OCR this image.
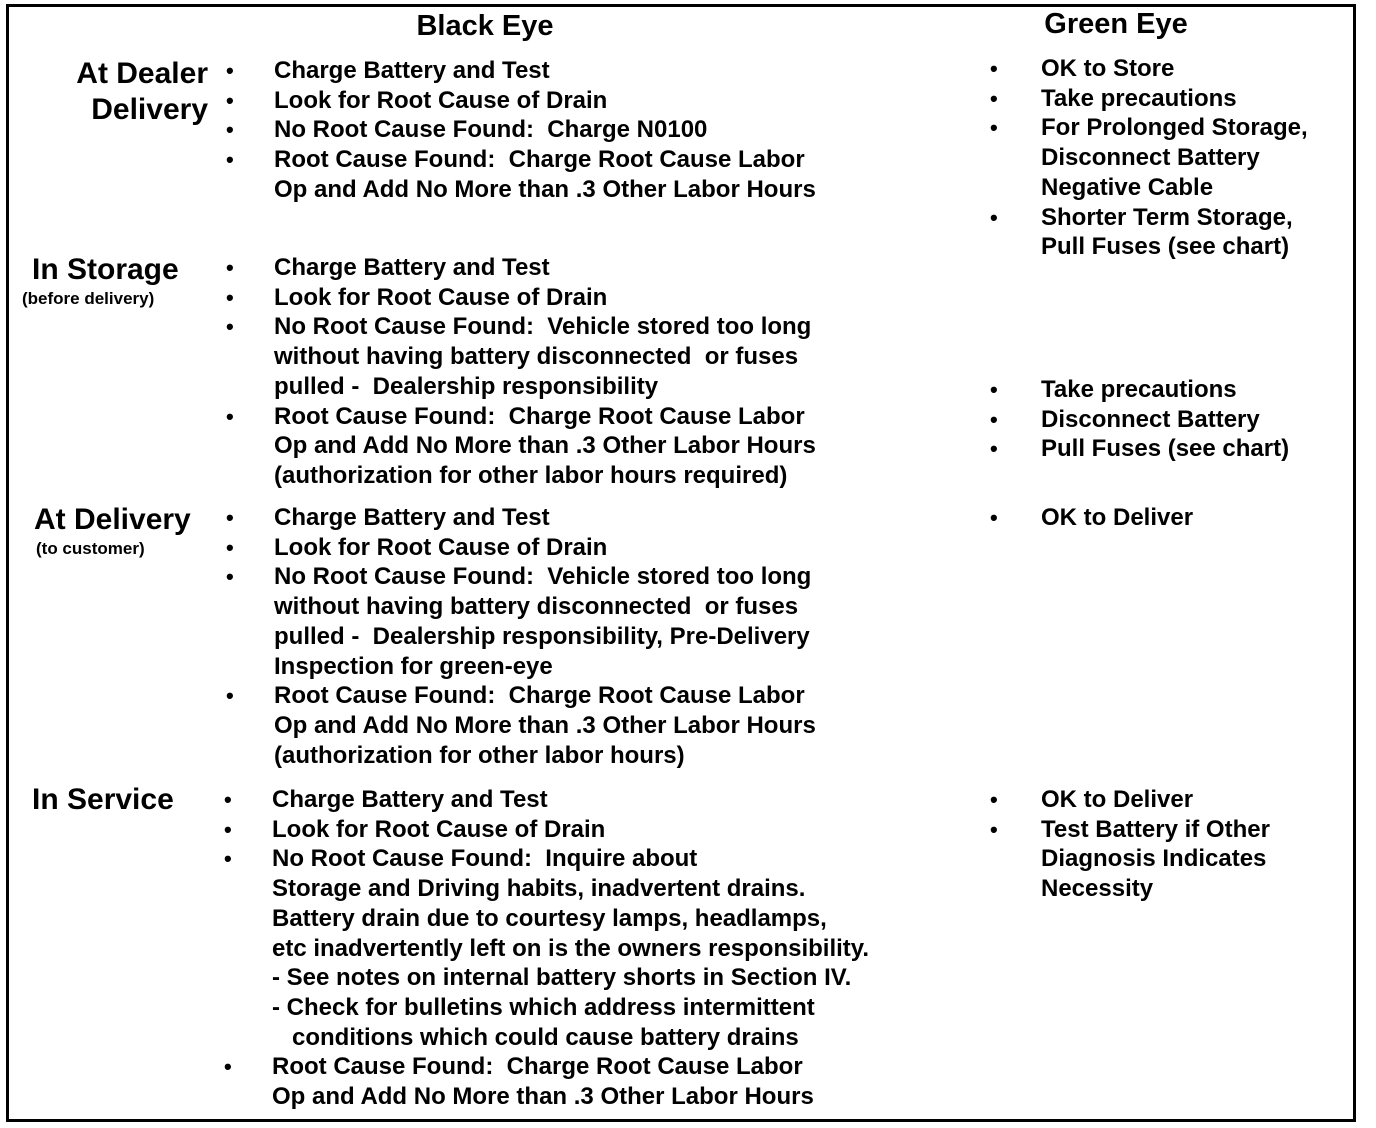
Black Eye	Green Eye
At Dealer
Delivery
• Charge Battery and Test
• Look for Root Cause of Drain
• No Root Cause Found:  Charge N0100
• Root Cause Found:  Charge Root Cause Labor
Op and Add No More than .3 Other Labor Hours
• OK to Store
• Take precautions
• For Prolonged Storage,
Disconnect Battery
Negative Cable
• Shorter Term Storage,
Pull Fuses (see chart)
In Storage
(before delivery)
• Charge Battery and Test
• Look for Root Cause of Drain
• No Root Cause Found:  Vehicle stored too long
without having battery disconnected  or fuses
pulled -  Dealership responsibility
• Root Cause Found:  Charge Root Cause Labor
Op and Add No More than .3 Other Labor Hours
(authorization for other labor hours required)
• Take precautions
• Disconnect Battery
• Pull Fuses (see chart)
At Delivery
(to customer)
• Charge Battery and Test
• Look for Root Cause of Drain
• No Root Cause Found:  Vehicle stored too long
without having battery disconnected  or fuses
pulled -  Dealership responsibility, Pre-Delivery
Inspection for green-eye
• Root Cause Found:  Charge Root Cause Labor
Op and Add No More than .3 Other Labor Hours
(authorization for other labor hours)
• OK to Deliver
In Service • Charge Battery and Test
• Look for Root Cause of Drain
• No Root Cause Found:  Inquire about
Storage and Driving habits, inadvertent drains.
Battery drain due to courtesy lamps, headlamps,
etc inadvertently left on is the owners responsibility.
- See notes on internal battery shorts in Section IV.
- Check for bulletins which address intermittent
conditions which could cause battery drains
• Root Cause Found:  Charge Root Cause Labor
Op and Add No More than .3 Other Labor Hours
• OK to Deliver
• Test Battery if Other
Diagnosis Indicates
Necessity
